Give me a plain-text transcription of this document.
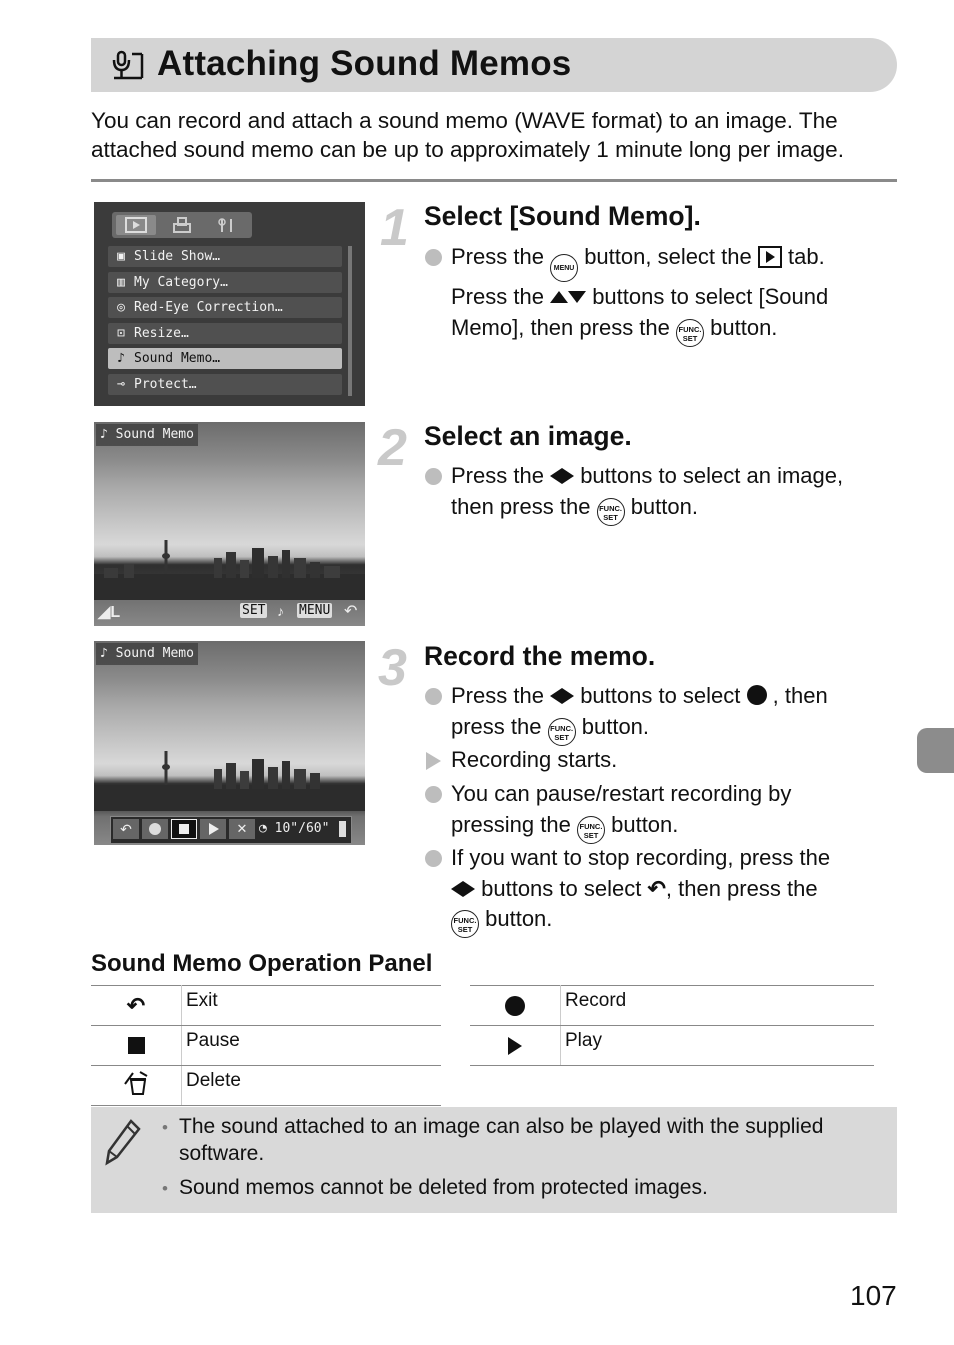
Attaching Sound Memos
You can record and attach a sound memo (WAVE format) to an image. The attached sound memo can be up to approximately 1 minute long per image.
▣ Slide Show…
▥ My Category…
◎ Red-Eye Correction…
⊡ Resize…
♪ Sound Memo…
⊸ Protect…
♪ Sound Memo
◢L	SET ♪ MENU ↶
♪ Sound Memo
↶	✕ ◔ 10"/60"
1 Select [Sound Memo].
Press the MENU button, select the tab.
Press the buttons to select [Sound
Memo], then press the FUNC.
SET button.
2 Select an image.
Press the buttons to select an image,
then press the FUNC.
SET button.
3 Record the memo.
Press the buttons to select , then
press the FUNC.
SET button.
Recording starts.
You can pause/restart recording by
pressing the FUNC.
SET button.
If you want to stop recording, press the
buttons to select ↶, then press the
FUNC.
SET button.
Sound Memo Operation Panel
↶	Exit

	Pause
	Delete
	Record

	Play
• The sound attached to an image can also be played with the supplied software.
• Sound memos cannot be deleted from protected images.
107
